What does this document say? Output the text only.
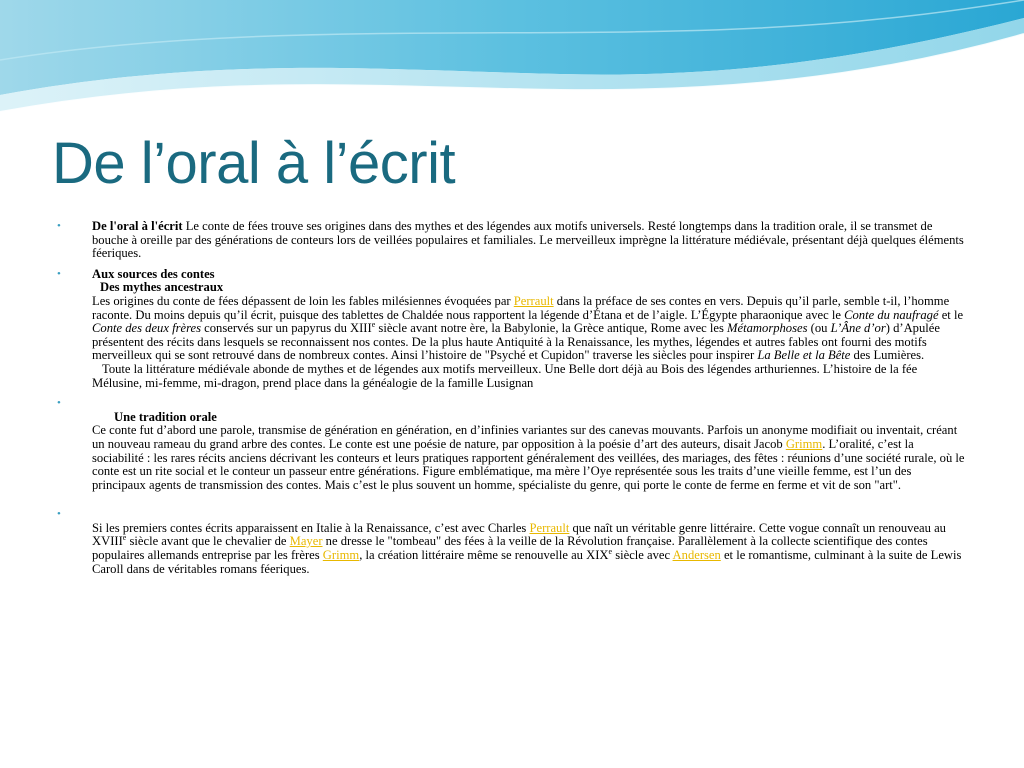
De l’oral à l’écrit
• De l'oral à l'écrit Le conte de fées trouve ses origines dans des mythes et des légendes aux motifs universels. Resté longtemps dans la tradition orale, il se transmet de bouche à oreille par des générations de conteurs lors de veillées populaires et familiales. Le merveilleux imprègne la littérature médiévale, présentant déjà quelques éléments féeriques.
• Aux sources des contes
Des mythes ancestraux
Les origines du conte de fées dépassent de loin les fables milésiennes évoquées par Perrault dans la préface de ses contes en vers. Depuis qu’il parle, semble t-il, l’homme raconte. Du moins depuis qu’il écrit, puisque des tablettes de Chaldée nous rapportent la légende d’Étana et de l’aigle. L’Égypte pharaonique avec le Conte du naufragé et le Conte des deux frères conservés sur un papyrus du XIIIe siècle avant notre ère, la Babylonie, la Grèce antique, Rome avec les Métamorphoses (ou L’Âne d’or) d’Apulée présentent des récits dans lesquels se reconnaissent nos contes. De la plus haute Antiquité à la Renaissance, les mythes, légendes et autres fables ont fourni des motifs merveilleux qui se sont retrouvé dans de nombreux contes. Ainsi l’histoire de "Psyché et Cupidon" traverse les siècles pour inspirer La Belle et la Bête des Lumières.
Toute la littérature médiévale abonde de mythes et de légendes aux motifs merveilleux. Une Belle dort déjà au Bois des légendes arthuriennes. L’histoire de la fée Mélusine, mi-femme, mi-dragon, prend place dans la généalogie de la famille Lusignan
•
Une tradition orale
Ce conte fut d’abord une parole, transmise de génération en génération, en d’infinies variantes sur des canevas mouvants. Parfois un anonyme modifiait ou inventait, créant un nouveau rameau du grand arbre des contes. Le conte est une poésie de nature, par opposition à la poésie d’art des auteurs, disait Jacob Grimm. L’oralité, c’est la sociabilité : les rares récits anciens décrivant les conteurs et leurs pratiques rapportent généralement des veillées, des mariages, des fêtes : réunions d’une société rurale, où le conte est un rite social et le conteur un passeur entre générations. Figure emblématique, ma mère l’Oye représentée sous les traits d’une vieille femme, est l’un des principaux agents de transmission des contes. Mais c’est le plus souvent un homme, spécialiste du genre, qui porte le conte de ferme en ferme et vit de son "art".
•
Si les premiers contes écrits apparaissent en Italie à la Renaissance, c’est avec Charles Perrault que naît un véritable genre littéraire. Cette vogue connaît un renouveau au XVIIIe siècle avant que le chevalier de Mayer ne dresse le "tombeau" des fées à la veille de la Révolution française. Parallèlement à la collecte scientifique des contes populaires allemands entreprise par les frères Grimm, la création littéraire même se renouvelle au XIXe siècle avec Andersen et le romantisme, culminant à la suite de Lewis Caroll dans de véritables romans féeriques.
